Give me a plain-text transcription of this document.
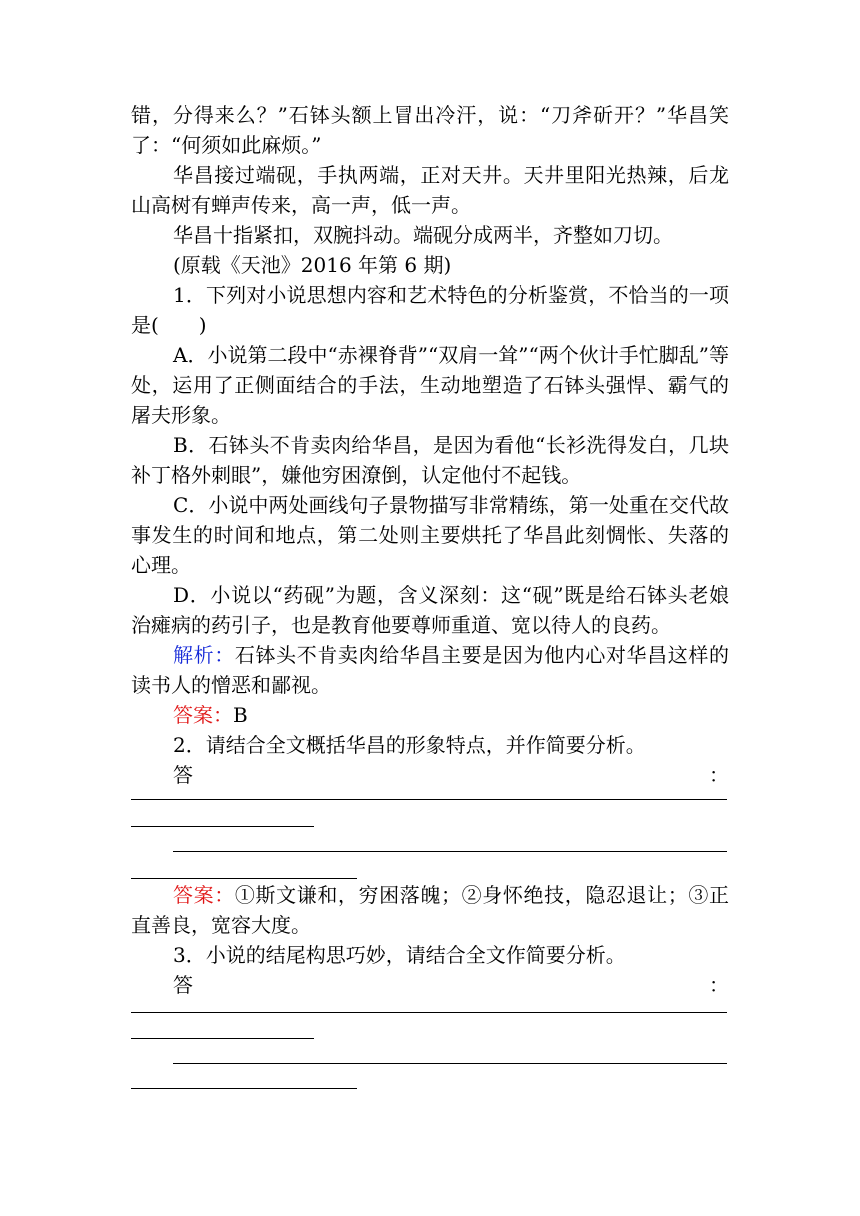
错，分得来么？”石钵头额上冒出冷汗，说：“刀斧斫开？”华昌笑了：“何须如此麻烦。”

华昌接过端砚，手执两端，正对天井。天井里阳光热辣，后龙山高树有蝉声传来，高一声，低一声。

华昌十指紧扣，双腕抖动。端砚分成两半，齐整如刀切。

(原载《天池》2016 年第 6 期)

1．下列对小说思想内容和艺术特色的分析鉴赏，不恰当的一项是(　　)

A．小说第二段中“赤裸脊背”“双肩一耸”“两个伙计手忙脚乱”等处，运用了正侧面结合的手法，生动地塑造了石钵头强悍、霸气的屠夫形象。

B．石钵头不肯卖肉给华昌，是因为看他“长衫洗得发白，几块补丁格外刺眼”，嫌他穷困潦倒，认定他付不起钱。

C．小说中两处画线句子景物描写非常精练，第一处重在交代故事发生的时间和地点，第二处则主要烘托了华昌此刻惆怅、失落的心理。

D．小说以“药砚”为题，含义深刻：这“砚”既是给石钵头老娘治瘫病的药引子，也是教育他要尊师重道、宽以待人的良药。

解析：石钵头不肯卖肉给华昌主要是因为他内心对华昌这样的读书人的憎恶和鄙视。

答案：B

2．请结合全文概括华昌的形象特点，并作简要分析。

答	：

答案：①斯文谦和，穷困落魄；②身怀绝技，隐忍退让；③正直善良，宽容大度。

3．小说的结尾构思巧妙，请结合全文作简要分析。

答	：
